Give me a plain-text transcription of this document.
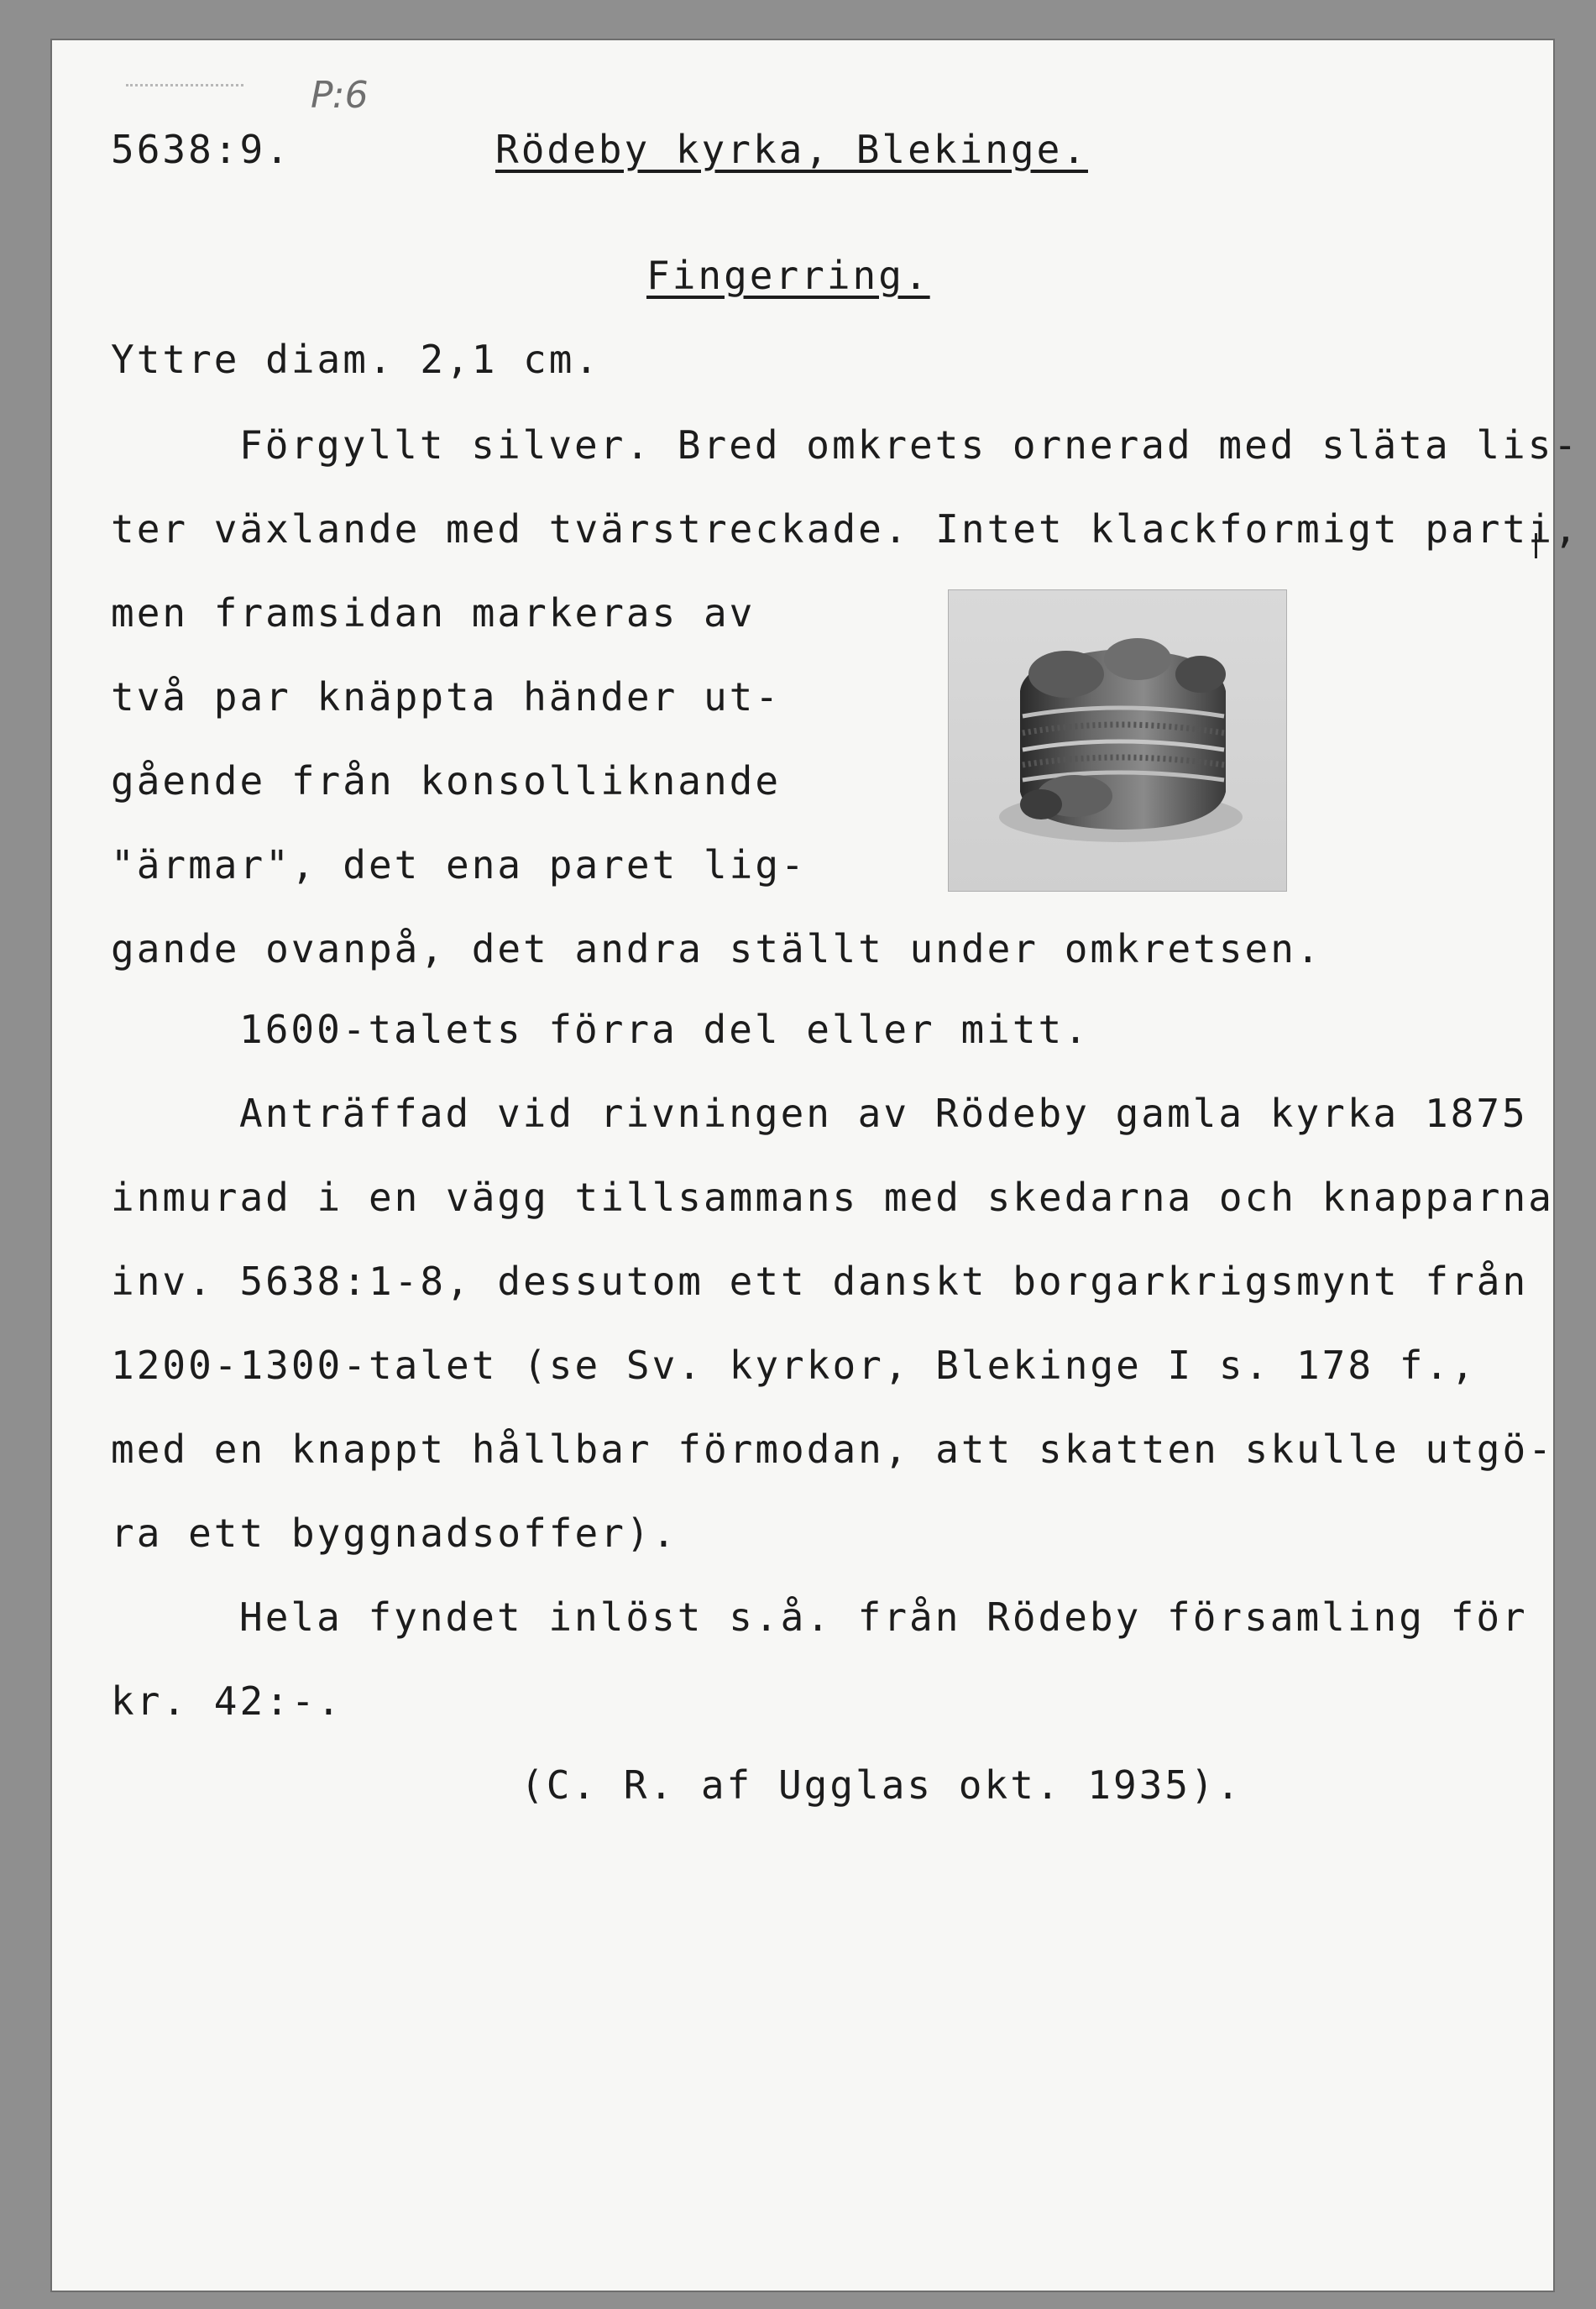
P:6
5638:9.	Rödeby kyrka, Blekinge.
Fingerring.
Yttre diam. 2,1 cm.
Förgyllt silver. Bred omkrets ornerad med släta lis-
ter växlande med tvärstreckade. Intet klackformigt parti,
men framsidan markeras av
två par knäppta händer ut-
gående från konsolliknande
"ärmar", det ena paret lig-
gande ovanpå, det andra ställt under omkretsen.
1600-talets förra del eller mitt.
Anträffad vid rivningen av Rödeby gamla kyrka 1875
inmurad i en vägg tillsammans med skedarna och knapparna
inv. 5638:1-8, dessutom ett danskt borgarkrigsmynt från
1200-1300-talet (se Sv. kyrkor, Blekinge I s. 178 f.,
med en knappt hållbar förmodan, att skatten skulle utgö-
ra ett byggnadsoffer).
Hela fyndet inlöst s.å. från Rödeby församling för
kr. 42:-.
(C. R. af Ugglas okt. 1935).
